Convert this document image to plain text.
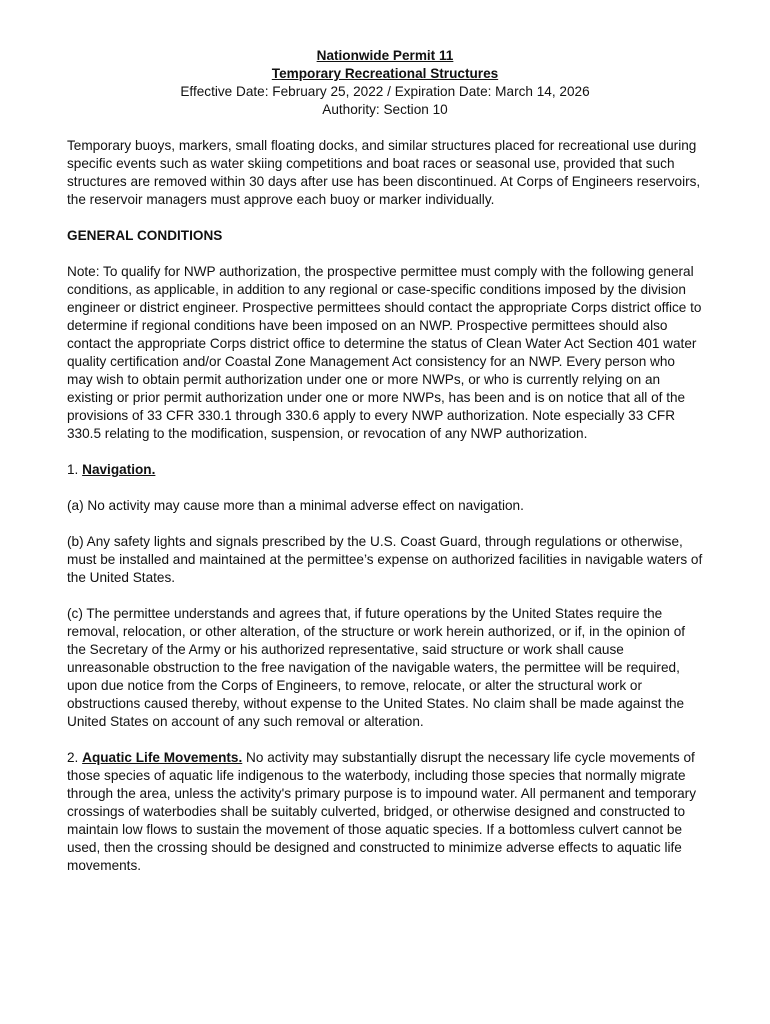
Nationwide Permit 11
Temporary Recreational Structures
Effective Date: February 25, 2022 / Expiration Date: March 14, 2026
Authority: Section 10

Temporary buoys, markers, small floating docks, and similar structures placed for recreational use during specific events such as water skiing competitions and boat races or seasonal use, provided that such structures are removed within 30 days after use has been discontinued. At Corps of Engineers reservoirs, the reservoir managers must approve each buoy or marker individually.

GENERAL CONDITIONS

Note: To qualify for NWP authorization, the prospective permittee must comply with the following general conditions, as applicable, in addition to any regional or case-specific conditions imposed by the division engineer or district engineer. Prospective permittees should contact the appropriate Corps district office to determine if regional conditions have been imposed on an NWP. Prospective permittees should also contact the appropriate Corps district office to determine the status of Clean Water Act Section 401 water quality certification and/or Coastal Zone Management Act consistency for an NWP. Every person who may wish to obtain permit authorization under one or more NWPs, or who is currently relying on an existing or prior permit authorization under one or more NWPs, has been and is on notice that all of the provisions of 33 CFR 330.1 through 330.6 apply to every NWP authorization. Note especially 33 CFR 330.5 relating to the modification, suspension, or revocation of any NWP authorization.

1. Navigation.

(a) No activity may cause more than a minimal adverse effect on navigation.

(b) Any safety lights and signals prescribed by the U.S. Coast Guard, through regulations or otherwise, must be installed and maintained at the permittee’s expense on authorized facilities in navigable waters of the United States.

(c) The permittee understands and agrees that, if future operations by the United States require the removal, relocation, or other alteration, of the structure or work herein authorized, or if, in the opinion of the Secretary of the Army or his authorized representative, said structure or work shall cause unreasonable obstruction to the free navigation of the navigable waters, the permittee will be required, upon due notice from the Corps of Engineers, to remove, relocate, or alter the structural work or obstructions caused thereby, without expense to the United States. No claim shall be made against the United States on account of any such removal or alteration.

2. Aquatic Life Movements. No activity may substantially disrupt the necessary life cycle movements of those species of aquatic life indigenous to the waterbody, including those species that normally migrate through the area, unless the activity's primary purpose is to impound water. All permanent and temporary crossings of waterbodies shall be suitably culverted, bridged, or otherwise designed and constructed to maintain low flows to sustain the movement of those aquatic species. If a bottomless culvert cannot be used, then the crossing should be designed and constructed to minimize adverse effects to aquatic life movements.
